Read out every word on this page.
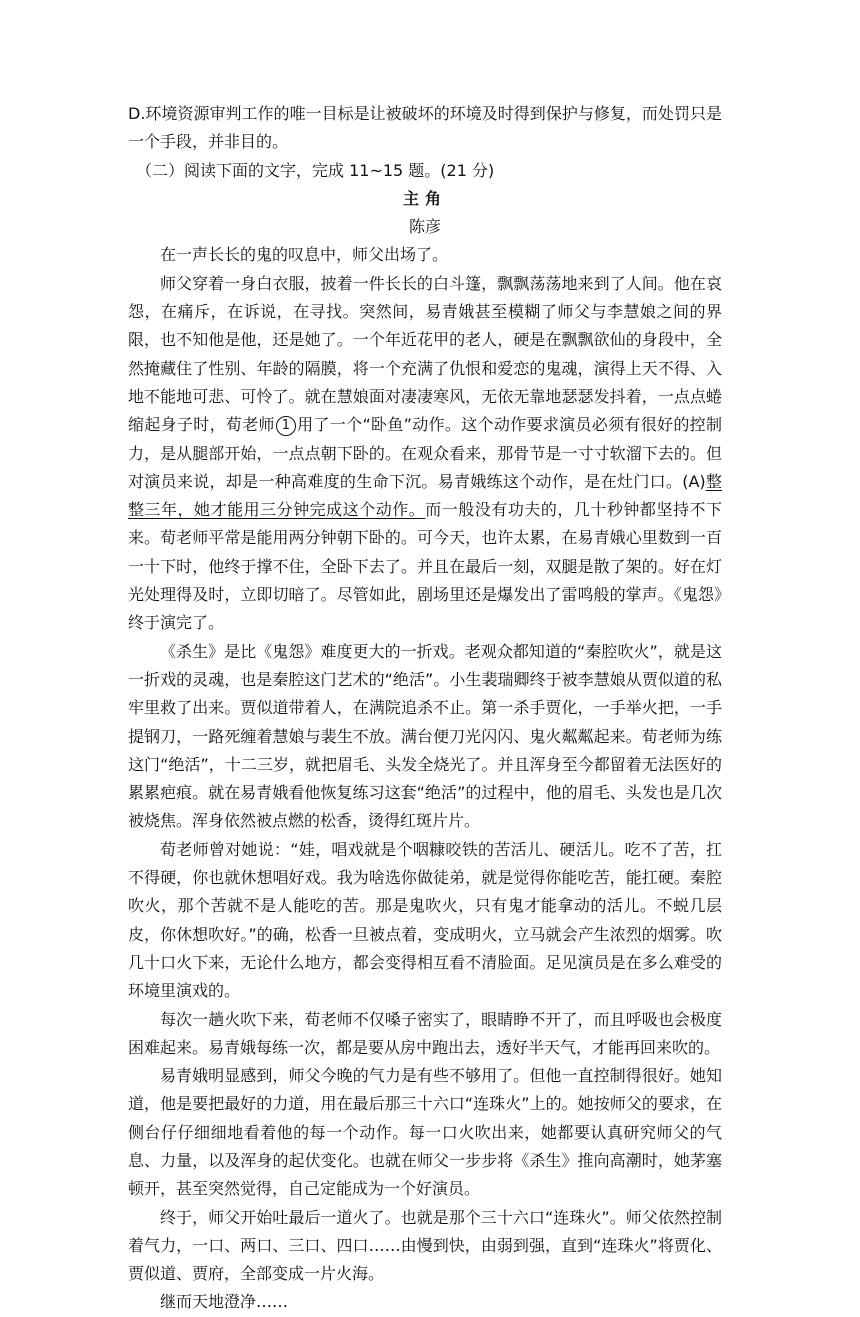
D.环境资源审判工作的唯一目标是让被破坏的环境及时得到保护与修复，而处罚只是一个手段，并非目的。

（二）阅读下面的文字，完成 11~15 题。(21 分)

主角

陈彦

在一声长长的鬼的叹息中，师父出场了。

师父穿着一身白衣服，披着一件长长的白斗篷，飘飘荡荡地来到了人间。他在哀怨，在痛斥，在诉说，在寻找。突然间，易青娥甚至模糊了师父与李慧娘之间的界限，也不知他是他，还是她了。一个年近花甲的老人，硬是在飘飘欲仙的身段中，全然掩藏住了性别、年龄的隔膜，将一个充满了仇恨和爱恋的鬼魂，演得上天不得、入地不能地可悲、可怜了。就在慧娘面对凄凄寒风，无依无靠地瑟瑟发抖着，一点点蜷缩起身子时，荀老师 1 用了一个“卧鱼”动作。这个动作要求演员必须有很好的控制力，是从腿部开始，一点点朝下卧的。在观众看来，那骨节是一寸寸软溜下去的。但对演员来说，却是一种高难度的生命下沉。易青娥练这个动作，是在灶门口。(A)整整三年，她才能用三分钟完成这个动作。而一般没有功夫的，几十秒钟都坚持不下来。荀老师平常是能用两分钟朝下卧的。可今天，也许太累，在易青娥心里数到一百一十下时，他终于撑不住，全卧下去了。并且在最后一刻，双腿是散了架的。好在灯光处理得及时，立即切暗了。尽管如此，剧场里还是爆发出了雷鸣般的掌声。《鬼怨》终于演完了。

《杀生》是比《鬼怨》难度更大的一折戏。老观众都知道的“秦腔吹火”，就是这一折戏的灵魂，也是秦腔这门艺术的“绝活”。小生裴瑞卿终于被李慧娘从贾似道的私牢里救了出来。贾似道带着人，在满院追杀不止。第一杀手贾化，一手举火把，一手提钢刀，一路死缠着慧娘与裴生不放。满台便刀光闪闪、鬼火粼粼起来。荀老师为练这门“绝活”，十二三岁，就把眉毛、头发全烧光了。并且浑身至今都留着无法医好的累累疤痕。就在易青娥看他恢复练习这套“绝活”的过程中，他的眉毛、头发也是几次被烧焦。浑身依然被点燃的松香，烫得红斑片片。

荀老师曾对她说：“娃，唱戏就是个咽糠咬铁的苦活儿、硬活儿。吃不了苦，扛不得硬，你也就休想唱好戏。我为啥选你做徒弟，就是觉得你能吃苦，能扛硬。秦腔吹火，那个苦就不是人能吃的苦。那是鬼吹火，只有鬼才能拿动的活儿。不蜕几层皮，你休想吹好。”的确，松香一旦被点着，变成明火，立马就会产生浓烈的烟雾。吹几十口火下来，无论什么地方，都会变得相互看不清脸面。足见演员是在多么难受的环境里演戏的。

每次一趟火吹下来，荀老师不仅嗓子密实了，眼睛睁不开了，而且呼吸也会极度困难起来。易青娥每练一次，都是要从房中跑出去，透好半天气，才能再回来吹的。

易青娥明显感到，师父今晚的气力是有些不够用了。但他一直控制得很好。她知道，他是要把最好的力道，用在最后那三十六口“连珠火”上的。她按师父的要求，在侧台仔仔细细地看着他的每一个动作。每一口火吹出来，她都要认真研究师父的气息、力量，以及浑身的起伏变化。也就在师父一步步将《杀生》推向高潮时，她茅塞顿开，甚至突然觉得，自己定能成为一个好演员。

终于，师父开始吐最后一道火了。也就是那个三十六口“连珠火”。师父依然控制着气力，一口、两口、三口、四口……由慢到快，由弱到强，直到“连珠火”将贾化、贾似道、贾府，全部变成一片火海。

继而天地澄净……
